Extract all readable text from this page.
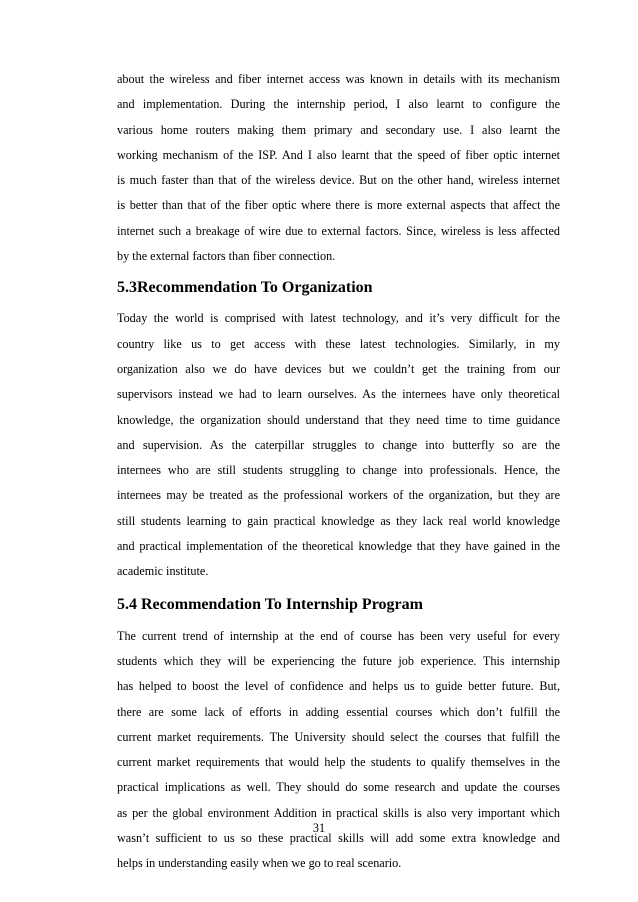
about the wireless and fiber internet access was known in details with its mechanism
and implementation. During the internship period, I also learnt to configure the
various home routers making them primary and secondary use. I also learnt the
working mechanism of the ISP. And I also learnt that the speed of fiber optic internet
is much faster than that of the wireless device. But on the other hand, wireless internet
is better than that of the fiber optic where there is more external aspects that affect the
internet such a breakage of wire due to external factors. Since, wireless is less affected
by the external factors than fiber connection.

5.3Recommendation To Organization

Today the world is comprised with latest technology, and it’s very difficult for the
country like us to get access with these latest technologies. Similarly, in my
organization also we do have devices but we couldn’t get the training from our
supervisors instead we had to learn ourselves. As the internees have only theoretical
knowledge, the organization should understand that they need time to time guidance
and supervision. As the caterpillar struggles to change into butterfly so are the
internees who are still students struggling to change into professionals. Hence, the
internees may be treated as the professional workers of the organization, but they are
still students learning to gain practical knowledge as they lack real world knowledge
and practical implementation of the theoretical knowledge that they have gained in the
academic institute.

5.4 Recommendation To Internship Program

The current trend of internship at the end of course has been very useful for every
students which they will be experiencing the future job experience. This internship
has helped to boost the level of confidence and helps us to guide better future. But,
there are some lack of efforts in adding essential courses which don’t fulfill the
current market requirements. The University should select the courses that fulfill the
current market requirements that would help the students to qualify themselves in the
practical implications as well. They should do some research and update the courses
as per the global environment Addition in practical skills is also very important which
wasn’t sufficient to us so these practical skills will add some extra knowledge and
helps in understanding easily when we go to real scenario.

31
